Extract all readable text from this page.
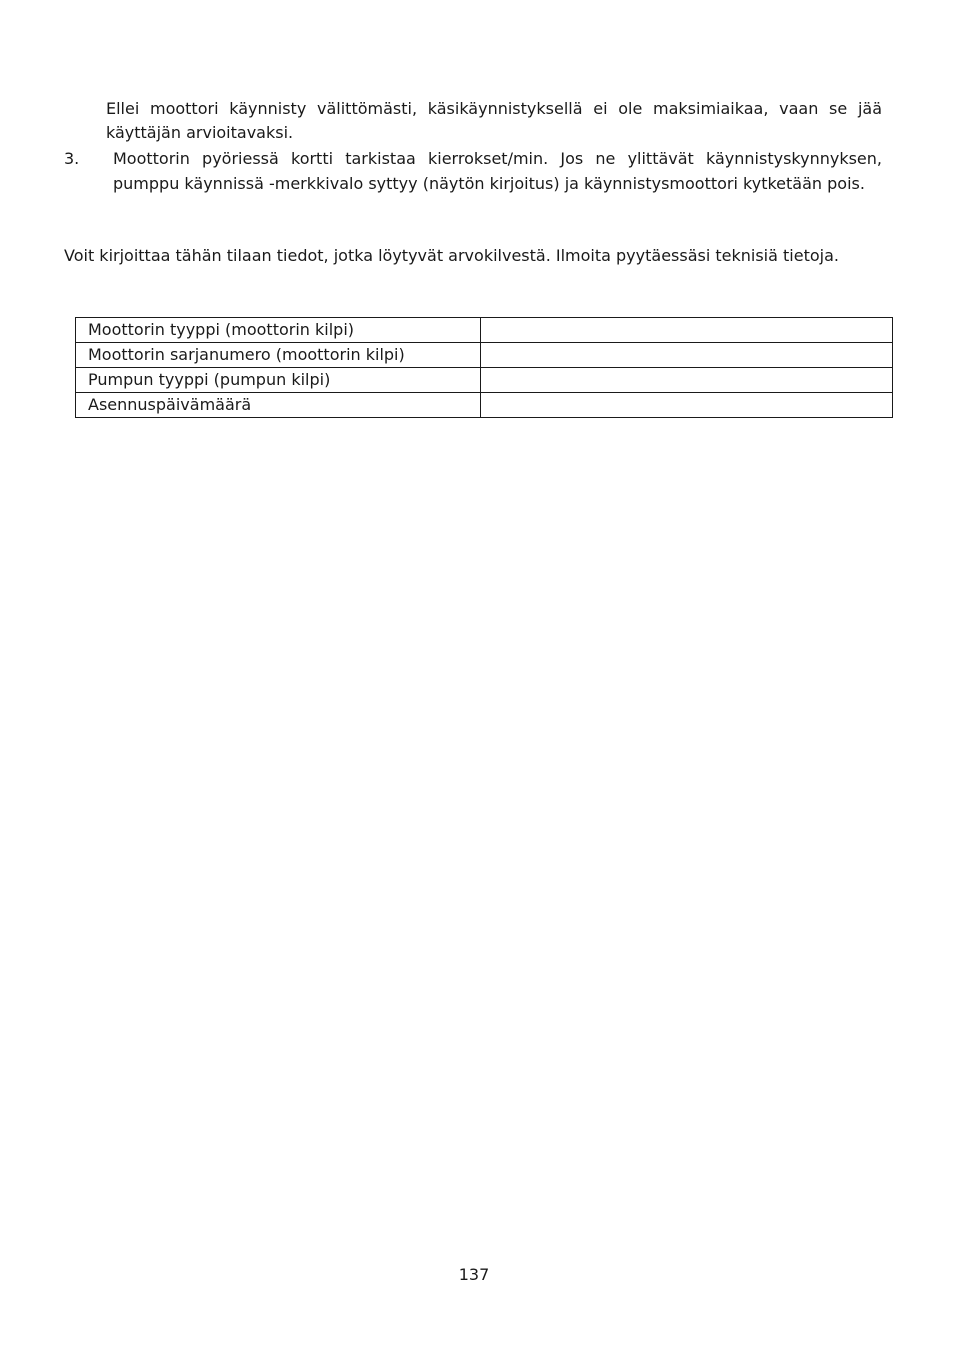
Ellei moottori käynnisty välittömästi, käsikäynnistyksellä ei ole maksimiaikaa, vaan se jää käyttäjän arvioitavaksi.

3. Moottorin pyöriessä kortti tarkistaa kierrokset/min. Jos ne ylittävät käynnistyskynnyksen, pumppu käynnissä -merkkivalo syttyy (näytön kirjoitus) ja käynnistysmoottori kytketään pois.

Voit kirjoittaa tähän tilaan tiedot, jotka löytyvät arvokilvestä. Ilmoita pyytäessäsi teknisiä tietoja.

Moottorin tyyppi (moottorin kilpi)	
Moottorin sarjanumero (moottorin kilpi)	
Pumpun tyyppi (pumpun kilpi)	
Asennuspäivämäärä	
137
